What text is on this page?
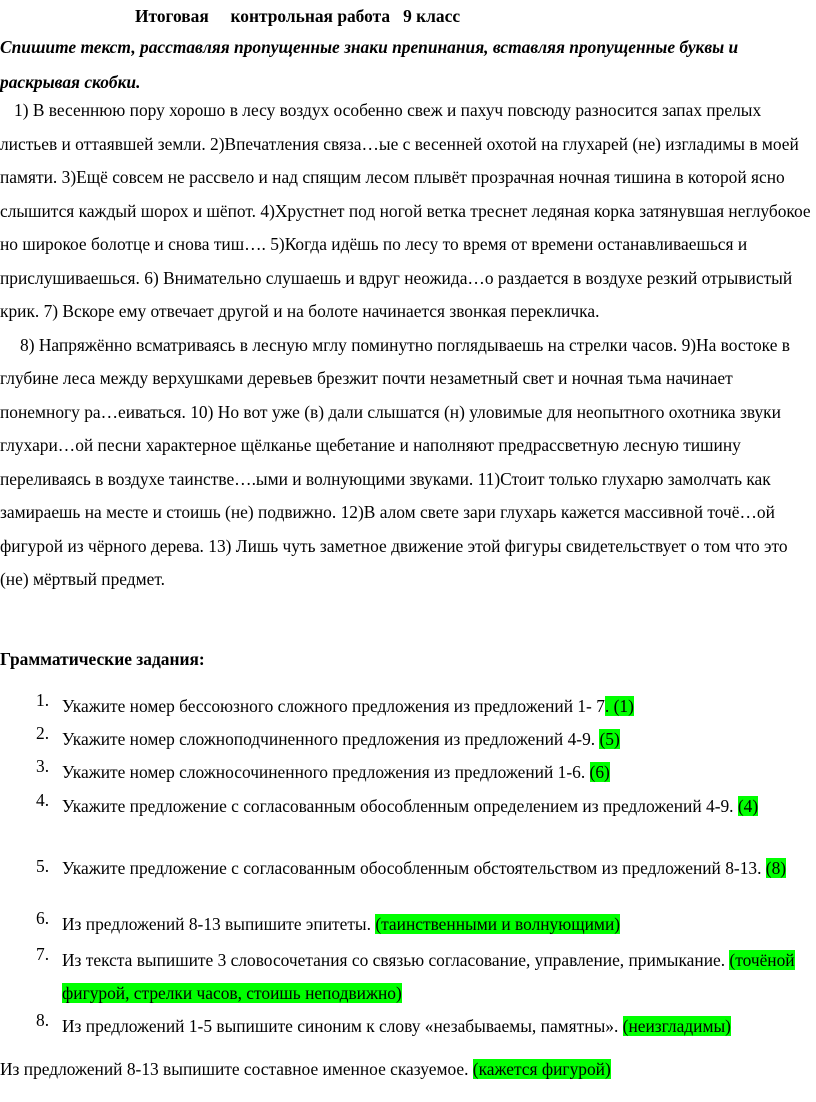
Итоговая     контрольная работа   9 класс

Спишите текст, расставляя пропущенные знаки препинания, вставляя пропущенные буквы и раскрывая скобки.

1) В весеннюю пору хорошо в лесу воздух особенно свеж и пахуч повсюду разносится запах прелых листьев и оттаявшей земли. 2)Впечатления связа…ые с весенней охотой на глухарей (не) изгладимы в моей памяти. 3)Ещё совсем не рассвело и над спящим лесом плывёт прозрачная ночная тишина в которой ясно слышится каждый шорох и шёпот. 4)Хрустнет под ногой ветка треснет ледяная корка затянувшая неглубокое но широкое болотце и снова тиш…. 5)Когда идёшь по лесу то время от времени останавливаешься и прислушиваешься. 6) Внимательно слушаешь и вдруг неожида…о раздается в воздухе резкий отрывистый крик. 7) Вскоре ему отвечает другой и на болоте начинается звонкая перекличка.
8) Напряжённо всматриваясь в лесную мглу поминутно поглядываешь на стрелки часов. 9)На востоке в глубине леса между верхушками деревьев брезжит почти незаметный свет и ночная тьма начинает понемногу ра…еиваться. 10) Но вот уже (в) дали слышатся (н) уловимые для неопытного охотника звуки глухари…ой песни характерное щёлканье щебетание и наполняют предрассветную лесную тишину переливаясь в воздухе таинстве….ыми и волнующими звуками. 11)Стоит только глухарю замолчать как замираешь на месте и стоишь (не) подвижно. 12)В алом свете зари глухарь кажется массивной точё…ой фигурой из чёрного дерева. 13) Лишь чуть заметное движение этой фигуры свидетельствует о том что это (не) мёртвый предмет.
Грамматические задания:
1. Укажите номер бессоюзного сложного предложения из предложений 1- 7. (1)
2. Укажите номер сложноподчиненного предложения из предложений 4-9. (5)
3. Укажите номер сложносочиненного предложения из предложений 1-6. (6)
4. Укажите предложение с согласованным обособленным определением из предложений 4-9. (4)
5. Укажите предложение с согласованным обособленным обстоятельством из предложений 8-13. (8)
6. Из предложений 8-13 выпишите эпитеты. (таинственными и волнующими)
7. Из текста выпишите 3 словосочетания со связью согласование, управление, примыкание. (точёной фигурой, стрелки часов, стоишь неподвижно)
8. Из предложений 1-5 выпишите синоним к слову «незабываемы, памятны». (неизгладимы)

Из предложений 8-13 выпишите составное именное сказуемое. (кажется фигурой)
